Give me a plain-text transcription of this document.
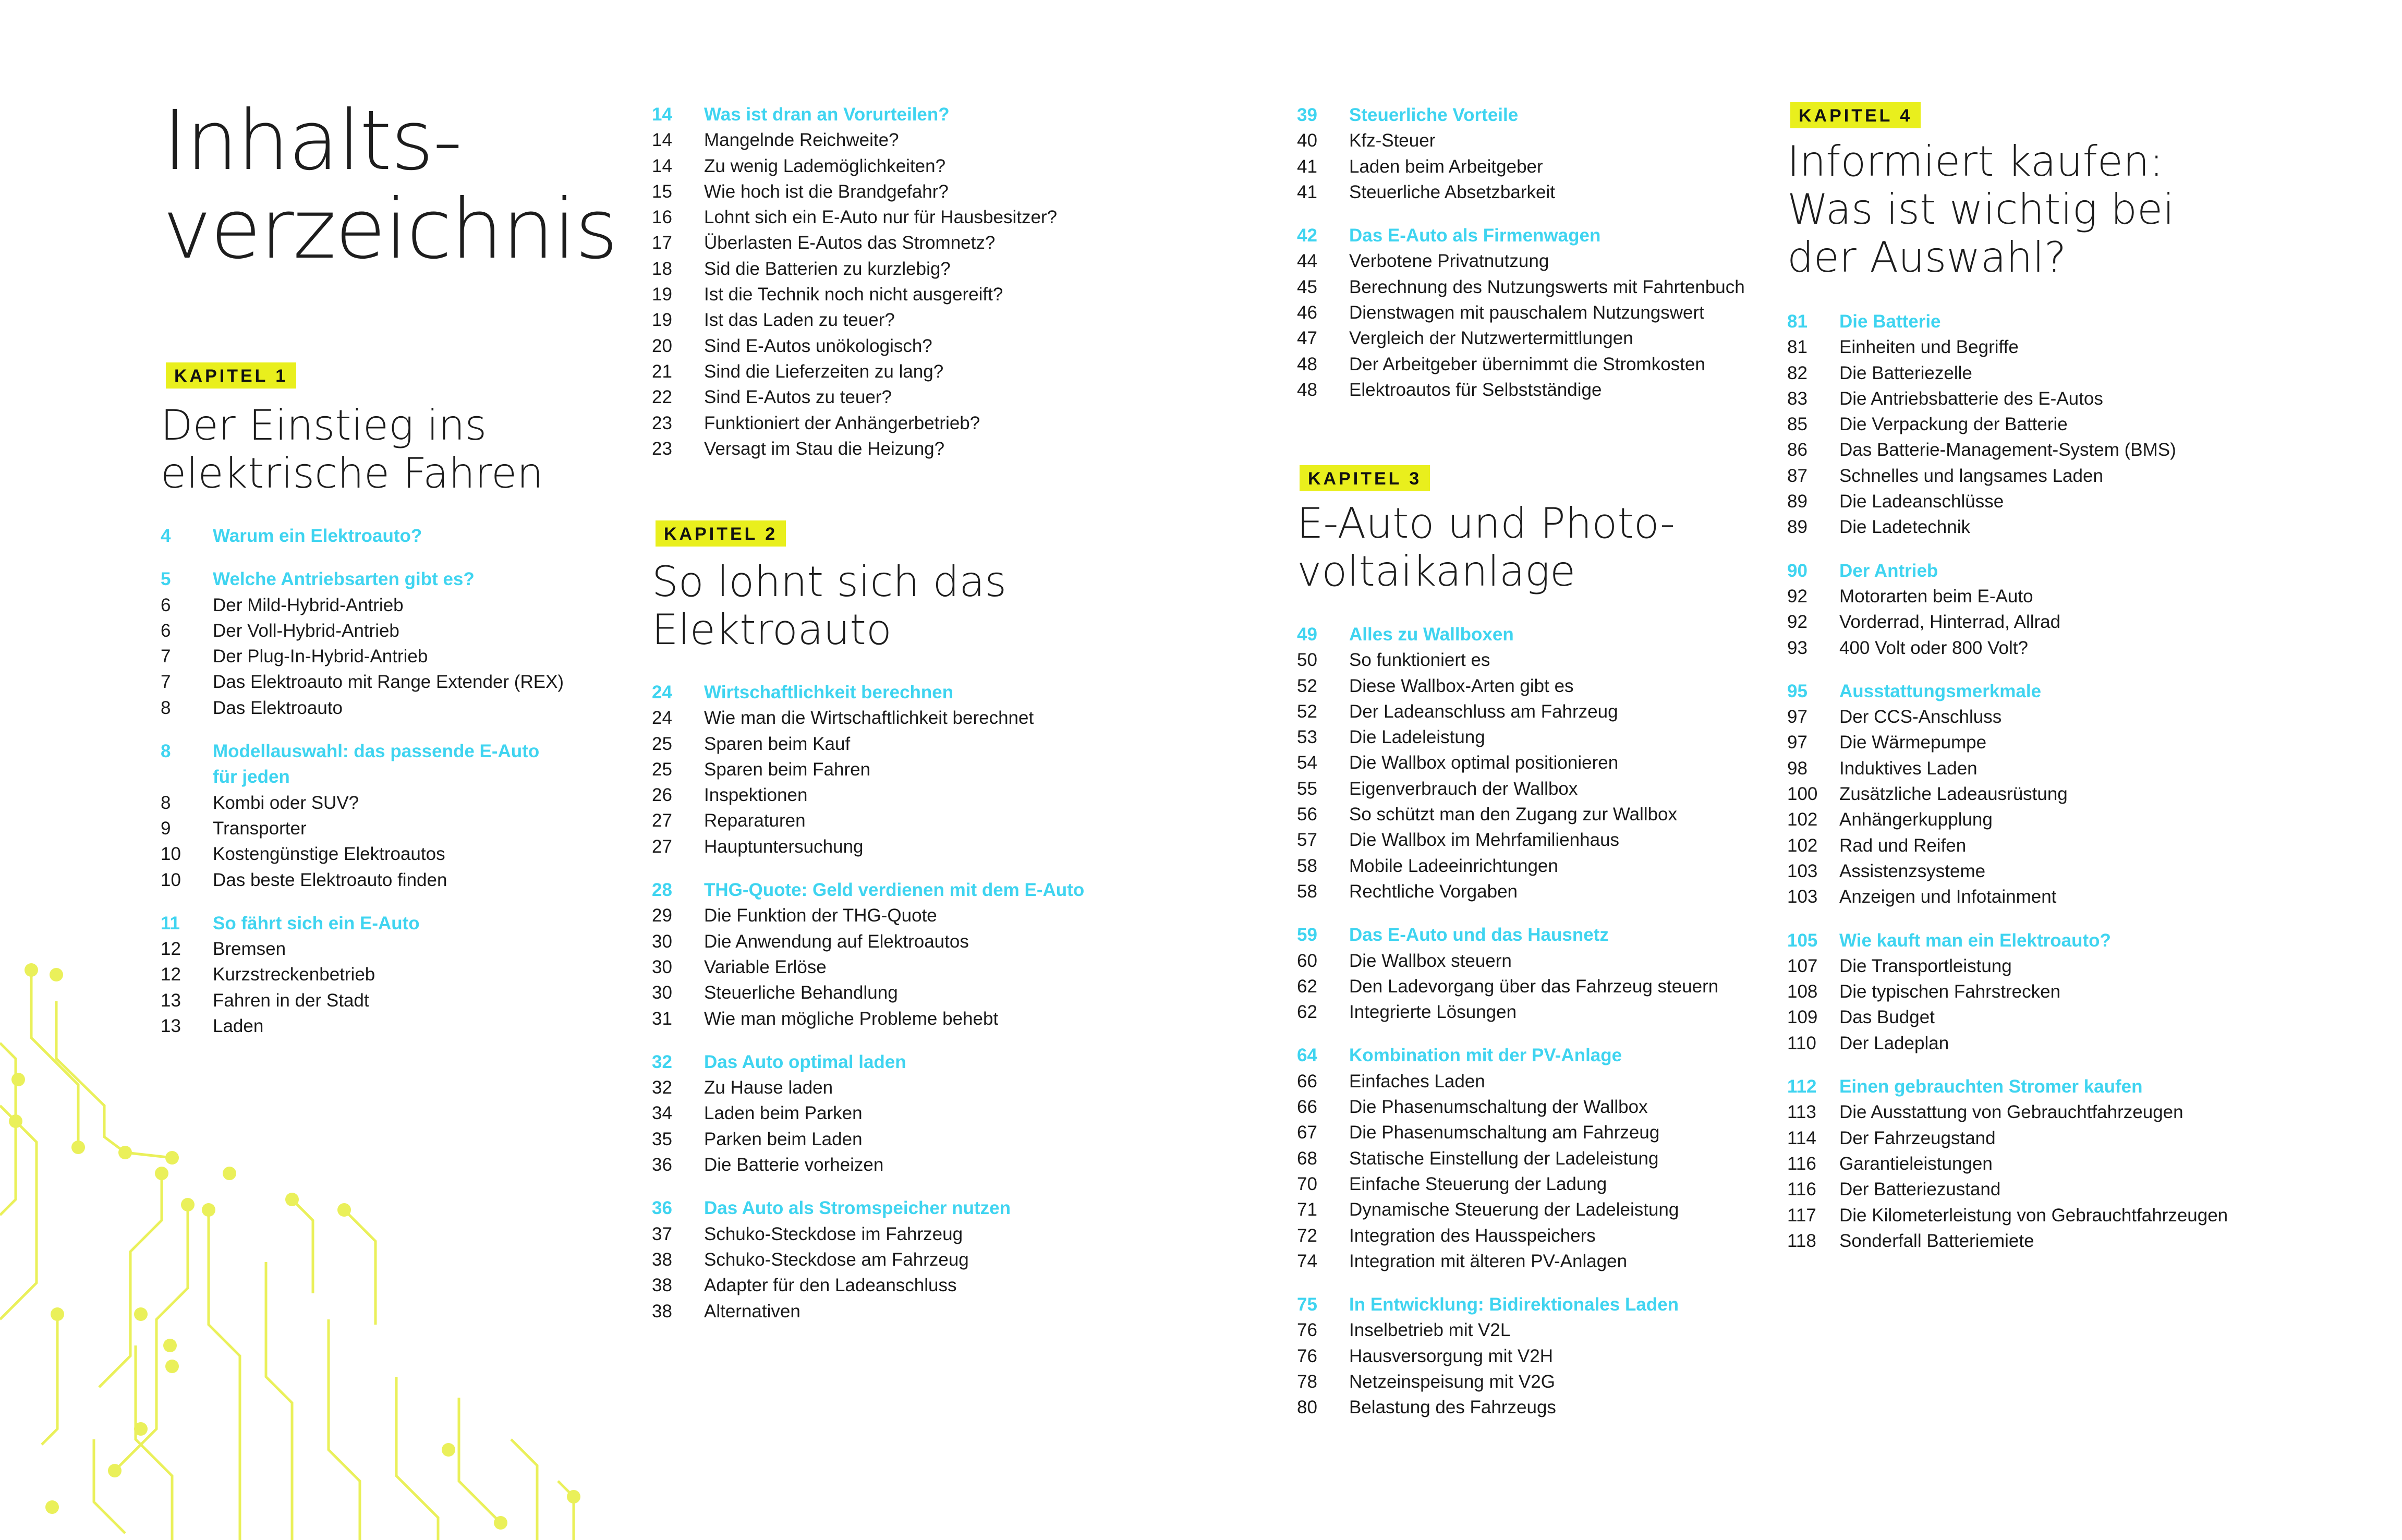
Inhalts-
verzeichnis
KAPITEL 1
Der Einstieg ins
elektrische Fahren
4	Warum ein Elektroauto?
5	Welche Antriebsarten gibt es?
6	Der Mild-Hybrid-Antrieb
6	Der Voll-Hybrid-Antrieb
7	Der Plug-In-Hybrid-Antrieb
7	Das Elektroauto mit Range Extender (REX)
8	Das Elektroauto
8	Modellauswahl: das passende E-Auto
für jeden
8	Kombi oder SUV?
9	Transporter
10	Kostengünstige Elektroautos
10	Das beste Elektroauto finden
11	So fährt sich ein E-Auto
12	Bremsen
12	Kurzstreckenbetrieb
13	Fahren in der Stadt
13	Laden
14	Was ist dran an Vorurteilen?
14	Mangelnde Reichweite?
14	Zu wenig Lademöglichkeiten?
15	Wie hoch ist die Brandgefahr?
16	Lohnt sich ein E-Auto nur für Hausbesitzer?
17	Überlasten E-Autos das Stromnetz?
18	Sid die Batterien zu kurzlebig?
19	Ist die Technik noch nicht ausgereift?
19	Ist das Laden zu teuer?
20	Sind E-Autos unökologisch?
21	Sind die Lieferzeiten zu lang?
22	Sind E-Autos zu teuer?
23	Funktioniert der Anhängerbetrieb?
23	Versagt im Stau die Heizung?
KAPITEL 2
So lohnt sich das
Elektroauto
24	Wirtschaftlichkeit berechnen
24	Wie man die Wirtschaftlichkeit berechnet
25	Sparen beim Kauf
25	Sparen beim Fahren
26	Inspektionen
27	Reparaturen
27	Hauptuntersuchung
28	THG-Quote: Geld verdienen mit dem E-Auto
29	Die Funktion der THG-Quote
30	Die Anwendung auf Elektroautos
30	Variable Erlöse
30	Steuerliche Behandlung
31	Wie man mögliche Probleme behebt
32	Das Auto optimal laden
32	Zu Hause laden
34	Laden beim Parken
35	Parken beim Laden
36	Die Batterie vorheizen
36	Das Auto als Stromspeicher nutzen
37	Schuko-Steckdose im Fahrzeug
38	Schuko-Steckdose am Fahrzeug
38	Adapter für den Ladeanschluss
38	Alternativen
39	Steuerliche Vorteile
40	Kfz-Steuer
41	Laden beim Arbeitgeber
41	Steuerliche Absetzbarkeit
42	Das E-Auto als Firmenwagen
44	Verbotene Privatnutzung
45	Berechnung des Nutzungswerts mit Fahrtenbuch
46	Dienstwagen mit pauschalem Nutzungswert
47	Vergleich der Nutzwertermittlungen
48	Der Arbeitgeber übernimmt die Stromkosten
48	Elektroautos für Selbstständige
KAPITEL 3
E-Auto und Photo-
voltaikanlage
49	Alles zu Wallboxen
50	So funktioniert es
52	Diese Wallbox-Arten gibt es
52	Der Ladeanschluss am Fahrzeug
53	Die Ladeleistung
54	Die Wallbox optimal positionieren
55	Eigenverbrauch der Wallbox
56	So schützt man den Zugang zur Wallbox
57	Die Wallbox im Mehrfamilienhaus
58	Mobile Ladeeinrichtungen
58	Rechtliche Vorgaben
59	Das E-Auto und das Hausnetz
60	Die Wallbox steuern
62	Den Ladevorgang über das Fahrzeug steuern
62	Integrierte Lösungen
64	Kombination mit der PV-Anlage
66	Einfaches Laden
66	Die Phasenumschaltung der Wallbox
67	Die Phasenumschaltung am Fahrzeug
68	Statische Einstellung der Ladeleistung
70	Einfache Steuerung der Ladung
71	Dynamische Steuerung der Ladeleistung
72	Integration des Hausspeichers
74	Integration mit älteren PV-Anlagen
75	In Entwicklung: Bidirektionales Laden
76	Inselbetrieb mit V2L
76	Hausversorgung mit V2H
78	Netzeinspeisung mit V2G
80	Belastung des Fahrzeugs
KAPITEL 4
Informiert kaufen:
Was ist wichtig bei
der Auswahl?
81	Die Batterie
81	Einheiten und Begriffe
82	Die Batteriezelle
83	Die Antriebsbatterie des E-Autos
85	Die Verpackung der Batterie
86	Das Batterie-Management-System (BMS)
87	Schnelles und langsames Laden
89	Die Ladeanschlüsse
89	Die Ladetechnik
90	Der Antrieb
92	Motorarten beim E-Auto
92	Vorderrad, Hinterrad, Allrad
93	400 Volt oder 800 Volt?
95	Ausstattungsmerkmale
97	Der CCS-Anschluss
97	Die Wärmepumpe
98	Induktives Laden
100	Zusätzliche Ladeausrüstung
102	Anhängerkupplung
102	Rad und Reifen
103	Assistenzsysteme
103	Anzeigen und Infotainment
105	Wie kauft man ein Elektroauto?
107	Die Transportleistung
108	Die typischen Fahrstrecken
109	Das Budget
110	Der Ladeplan
112	Einen gebrauchten Stromer kaufen
113	Die Ausstattung von Gebrauchtfahrzeugen
114	Der Fahrzeugstand
116	Garantieleistungen
116	Der Batteriezustand
117	Die Kilometerleistung von Gebrauchtfahrzeugen
118	Sonderfall Batteriemiete
